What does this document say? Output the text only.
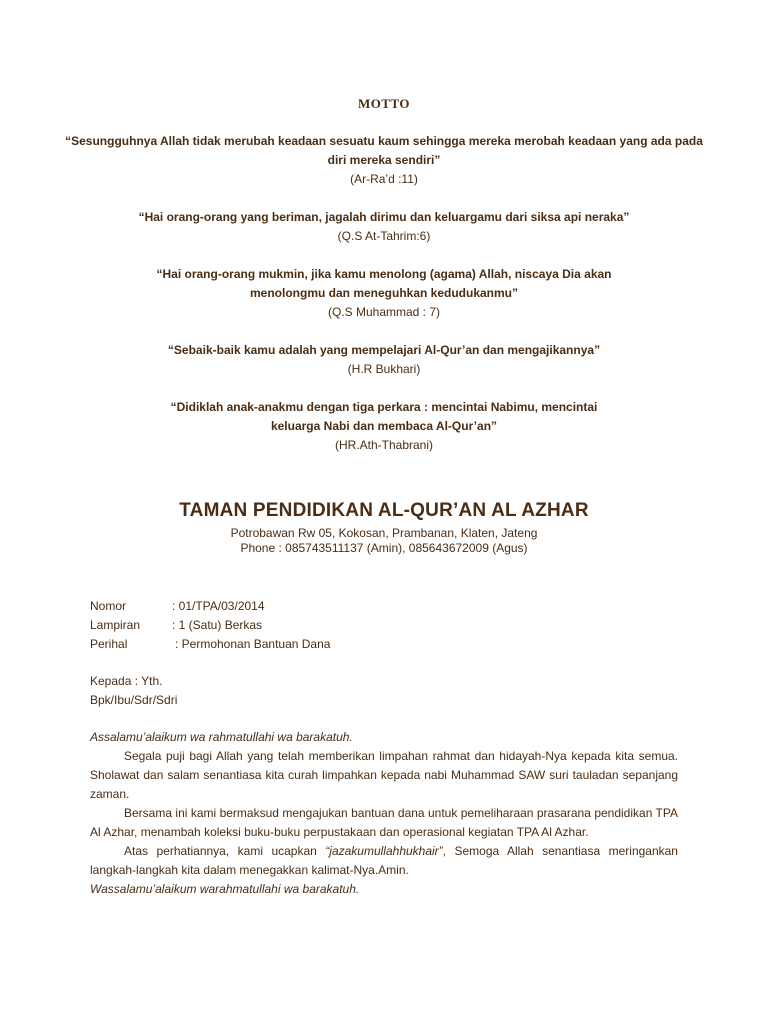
MOTTO
“Sesungguhnya Allah tidak merubah keadaan sesuatu kaum sehingga mereka merobah keadaan yang ada pada diri mereka sendiri”
(Ar-Ra’d :11)
“Hai orang-orang yang beriman, jagalah dirimu dan keluargamu dari siksa api neraka”
(Q.S At-Tahrim:6)
“Hai orang-orang mukmin, jika kamu menolong (agama) Allah, niscaya Dia akan menolongmu dan meneguhkan kedudukanmu”
(Q.S Muhammad : 7)
“Sebaik-baik kamu adalah yang mempelajari Al-Qur’an dan mengajikannya”
(H.R Bukhari)
“Didiklah anak-anakmu dengan tiga perkara : mencintai Nabimu, mencintai keluarga Nabi dan membaca Al-Qur’an”
(HR.Ath-Thabrani)
TAMAN PENDIDIKAN AL-QUR’AN AL AZHAR
Potrobawan Rw 05, Kokosan, Prambanan, Klaten, Jateng
Phone : 085743511137 (Amin), 085643672009 (Agus)
Nomor	: 01/TPA/03/2014
Lampiran	: 1 (Satu) Berkas
Perihal	: Permohonan Bantuan Dana
Kepada : Yth.
Bpk/Ibu/Sdr/Sdri

Assalamu’alaikum wa rahmatullahi wa barakatuh.

Segala puji bagi Allah yang telah memberikan limpahan rahmat dan hidayah-Nya kepada kita semua. Sholawat dan salam senantiasa kita curah limpahkan kepada nabi Muhammad SAW suri tauladan sepanjang zaman.

Bersama ini kami bermaksud mengajukan bantuan dana untuk pemeliharaan prasarana pendidikan TPA Al Azhar, menambah koleksi buku-buku perpustakaan dan operasional kegiatan TPA Al Azhar.

Atas perhatiannya, kami ucapkan “jazakumullahhukhair”, Semoga Allah senantiasa meringankan langkah-langkah kita dalam menegakkan kalimat-Nya.Amin.

Wassalamu’alaikum warahmatullahi wa barakatuh.
